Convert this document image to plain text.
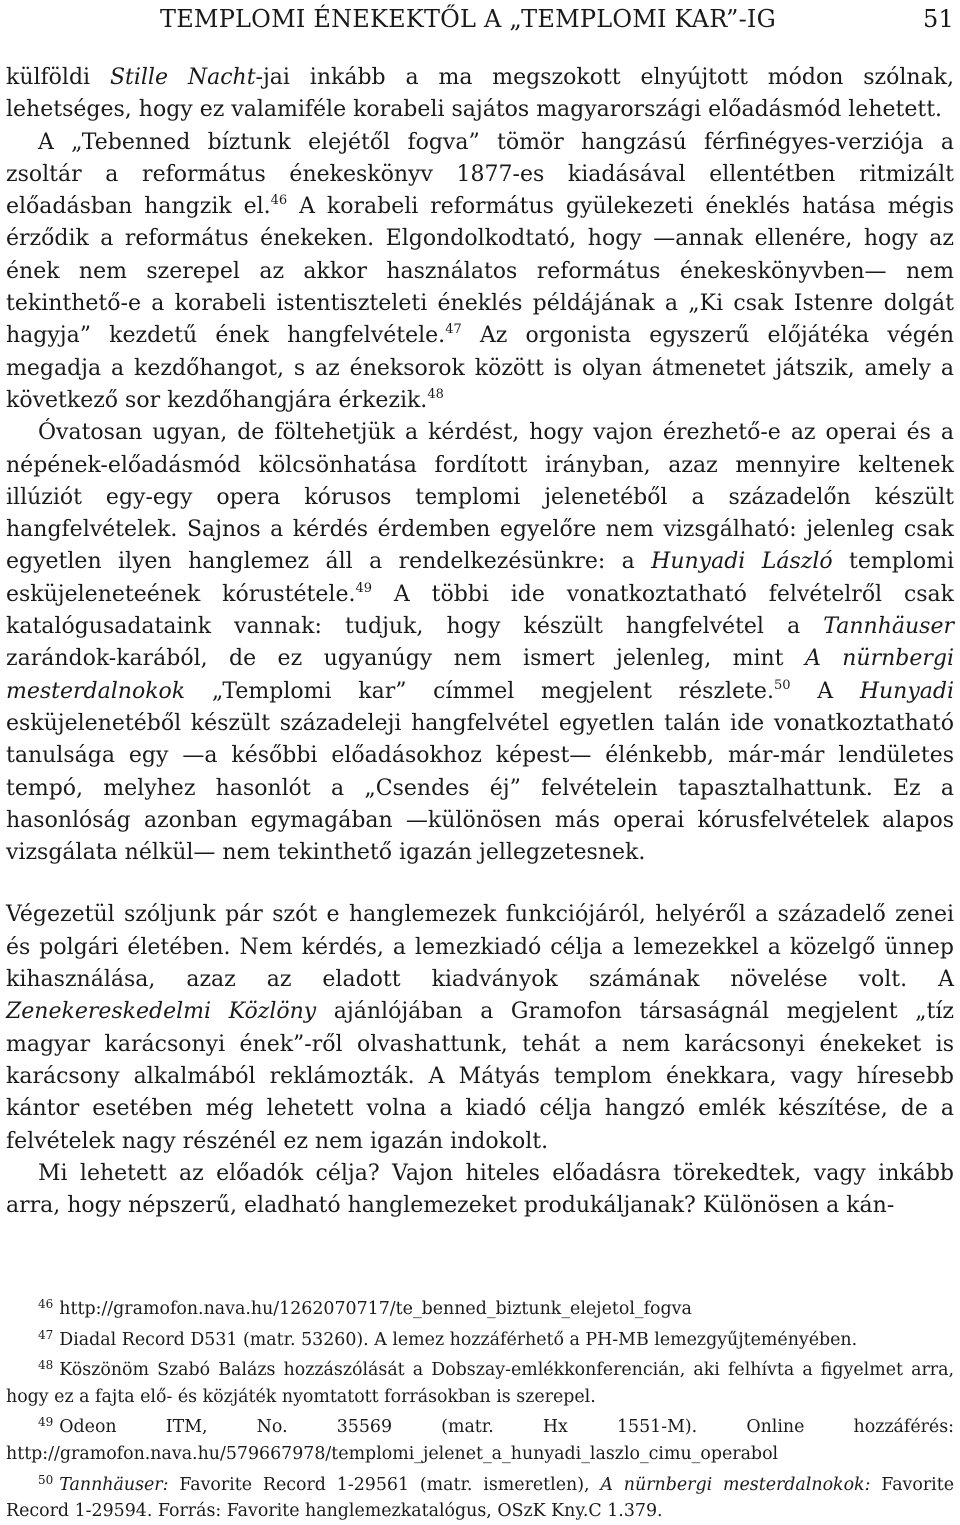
TEMPLOMI ÉNEKEKTŐL A „TEMPLOMI KAR”-IG	51

külföldi Stille Nacht-jai inkább a ma megszokott elnyújtott módon szólnak, lehetséges, hogy ez valamiféle korabeli sajátos magyarországi előadásmód lehetett.

A „Tebenned bíztunk elejétől fogva” tömör hangzású férfinégyes-verziója a zsoltár a református énekeskönyv 1877-es kiadásával ellentétben ritmizált előadásban hangzik el.$^{46}$ A korabeli református gyülekezeti éneklés hatása mégis érződik a református énekeken. Elgondolkodtató, hogy —annak ellenére, hogy az ének nem szerepel az akkor használatos református énekeskönyvben— nem tekinthető-e a korabeli istentiszteleti éneklés példájának a „Ki csak Istenre dolgát hagyja” kezdetű ének hangfelvétele.$^{47}$ Az orgonista egyszerű előjátéka végén megadja a kezdőhangot, s az éneksorok között is olyan átmenetet játszik, amely a következő sor kezdőhangjára érkezik.$^{48}$

Óvatosan ugyan, de föltehetjük a kérdést, hogy vajon érezhető-e az operai és a népének-előadásmód kölcsönhatása fordított irányban, azaz mennyire keltenek illúziót egy-egy opera kórusos templomi jelenetéből a századelőn készült hangfelvételek. Sajnos a kérdés érdemben egyelőre nem vizsgálható: jelenleg csak egyetlen ilyen hanglemez áll a rendelkezésünkre: a Hunyadi László templomi esküjeleneteének kórustétele.$^{49}$ A többi ide vonatkoztatható felvételről csak katalógusadataink vannak: tudjuk, hogy készült hangfelvétel a Tannhäuser zarándok-karából, de ez ugyanúgy nem ismert jelenleg, mint A nürnbergi mesterdalnokok „Templomi kar” címmel megjelent részlete.$^{50}$ A Hunyadi esküjelenetéből készült századeleji hangfelvétel egyetlen talán ide vonatkoztatható tanulsága egy —a későbbi előadásokhoz képest— élénkebb, már-már lendületes tempó, melyhez hasonlót a „Csendes éj” felvételein tapasztalhattunk. Ez a hasonlóság azonban egymagában —különösen más operai kórusfelvételek alapos vizsgálata nélkül— nem tekinthető igazán jellegzetesnek.

Végezetül szóljunk pár szót e hanglemezek funkciójáról, helyéről a századelő zenei és polgári életében. Nem kérdés, a lemezkiadó célja a lemezekkel a közelgő ünnep kihasználása, azaz az eladott kiadványok számának növelése volt. A Zenekereskedelmi Közlöny ajánlójában a Gramofon társaságnál megjelent „tíz magyar karácsonyi ének”-ről olvashattunk, tehát a nem karácsonyi énekeket is karácsony alkalmából reklámozták. A Mátyás templom énekkara, vagy híresebb kántor esetében még lehetett volna a kiadó célja hangzó emlék készítése, de a felvételek nagy részénél ez nem igazán indokolt.

Mi lehetett az előadók célja? Vajon hiteles előadásra törekedtek, vagy inkább arra, hogy népszerű, eladható hanglemezeket produkáljanak? Különösen a kán-

$^{46}$ http://gramofon.nava.hu/1262070717/te_benned_biztunk_elejetol_fogva

$^{47}$ Diadal Record D531 (matr. 53260). A lemez hozzáférhető a PH-MB lemezgyűjteményében.

$^{48}$ Köszönöm Szabó Balázs hozzászólását a Dobszay-emlékkonferencián, aki felhívta a figyelmet arra, hogy ez a fajta elő- és közjáték nyomtatott forrásokban is szerepel.

$^{49}$ Odeon ITM, No. 35569 (matr. Hx 1551-M). Online hozzáférés: http://gramofon.nava.hu/579667978/templomi_jelenet_a_hunyadi_laszlo_cimu_operabol

$^{50}$ Tannhäuser: Favorite Record 1-29561 (matr. ismeretlen), A nürnbergi mesterdalnokok: Favorite Record 1-29594. Forrás: Favorite hanglemezkatalógus, OSzK Kny.C 1.379.
